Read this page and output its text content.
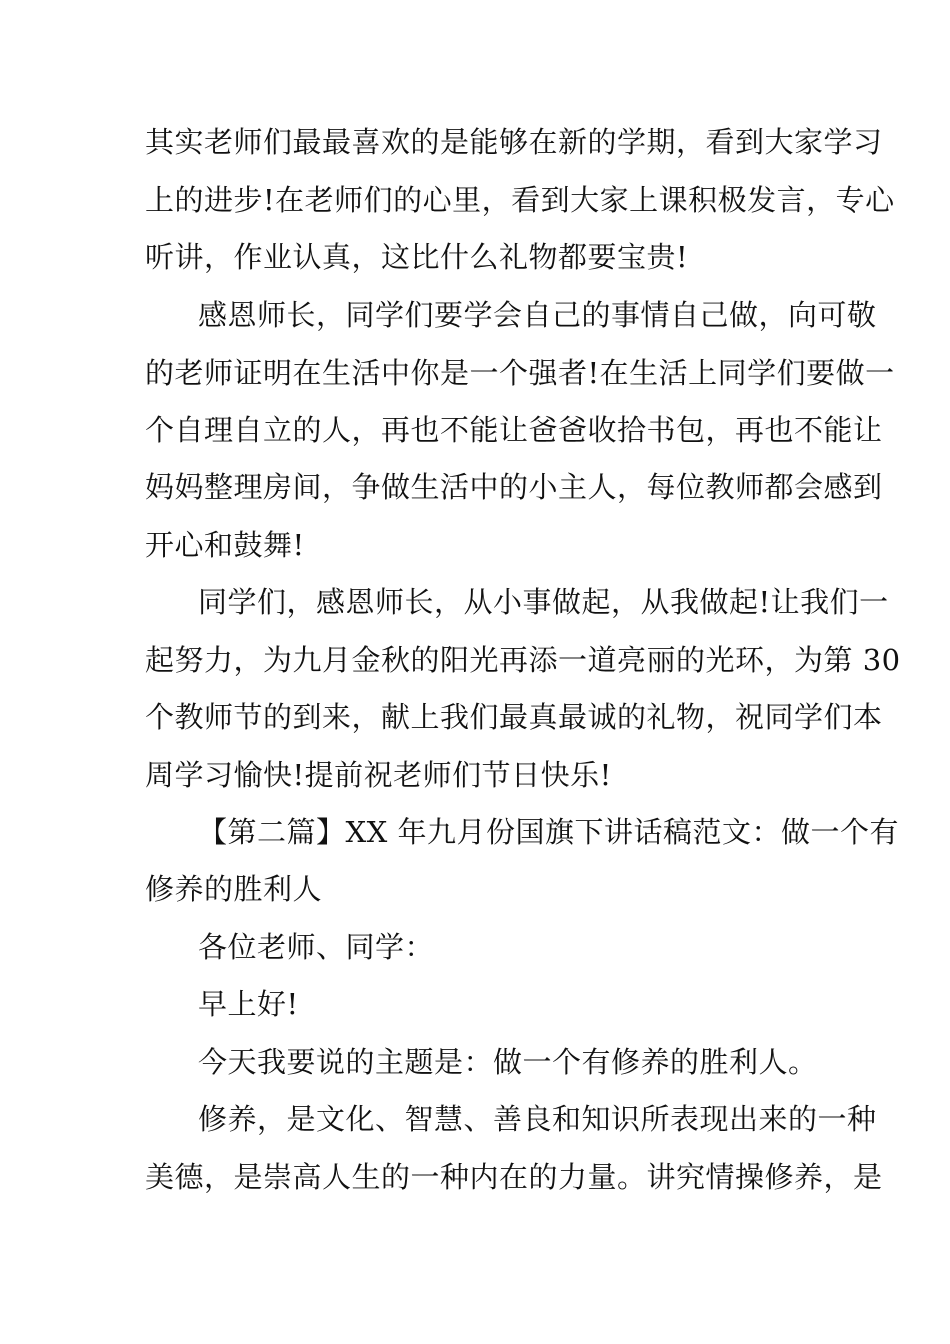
其实老师们最最喜欢的是能够在新的学期，看到大家学习
上的进步!在老师们的心里，看到大家上课积极发言，专心
听讲，作业认真，这比什么礼物都要宝贵!
感恩师长，同学们要学会自己的事情自己做，向可敬
的老师证明在生活中你是一个强者!在生活上同学们要做一
个自理自立的人，再也不能让爸爸收拾书包，再也不能让
妈妈整理房间，争做生活中的小主人，每位教师都会感到
开心和鼓舞!
同学们，感恩师长，从小事做起，从我做起!让我们一
起努力，为九月金秋的阳光再添一道亮丽的光环，为第 30
个教师节的到来，献上我们最真最诚的礼物，祝同学们本
周学习愉快!提前祝老师们节日快乐!
【第二篇】XX 年九月份国旗下讲话稿范文：做一个有
修养的胜利人
各位老师、同学：
早上好!
今天我要说的主题是：做一个有修养的胜利人。
修养，是文化、智慧、善良和知识所表现出来的一种
美德，是崇高人生的一种内在的力量。讲究情操修养，是
